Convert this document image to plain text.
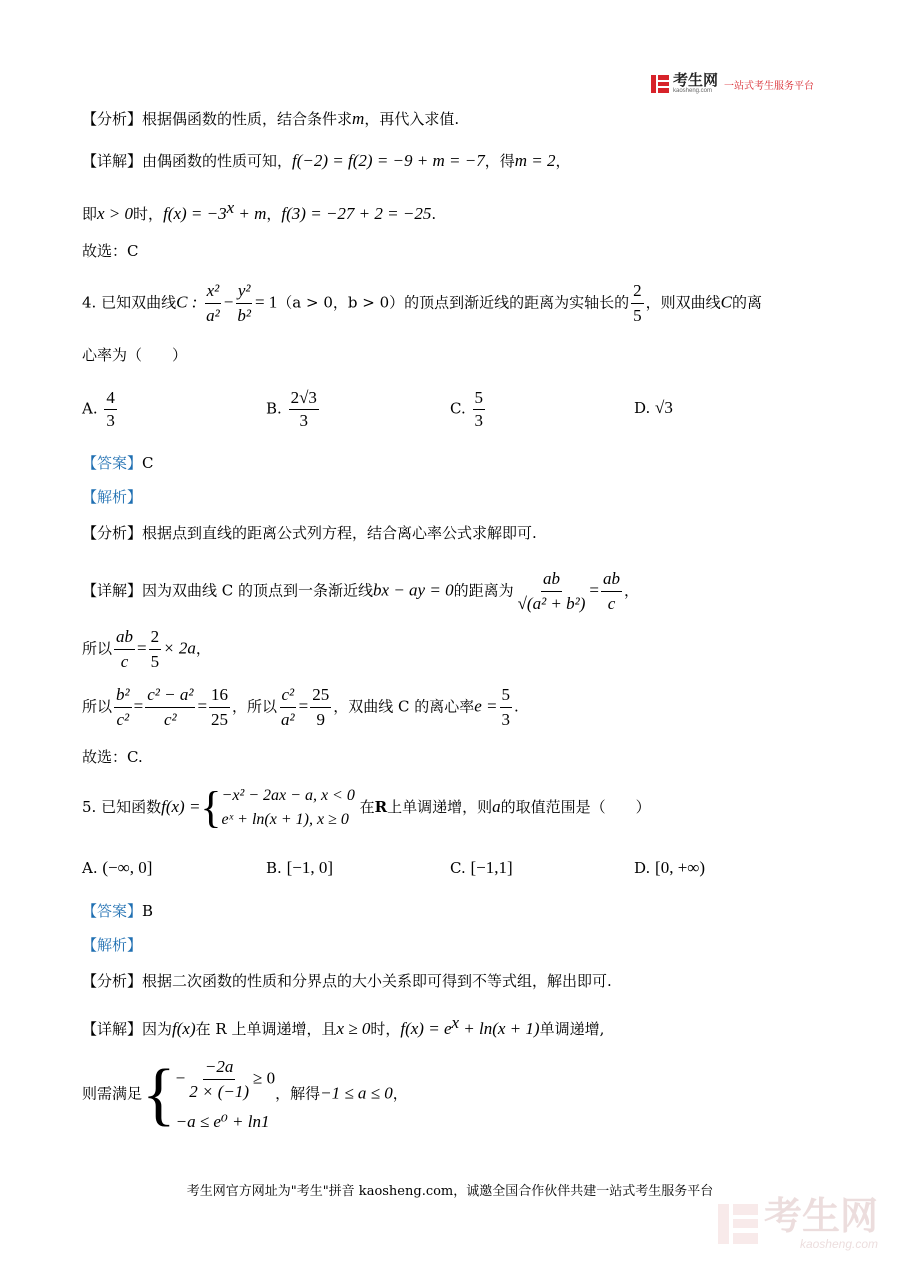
考生网
kaosheng.com	一站式考生服务平台
【分析】根据偶函数的性质，结合条件求m，再代入求值.
【详解】由偶函数的性质可知，f(−2) = f(2) = −9 + m = −7，得m = 2，
即x > 0时，$f(x) = -3^x + m$，f(3) = −27 + 2 = −25.
故选：C
4. 已知双曲线C : $\frac{\text{x²}}{\text{a²}} - \frac{\text{y²}}{\text{b²}} = 1(a > 0$，b > 0）的顶点到渐近线的距离为实轴长的 $\frac{2}{5}$ ，则双曲线C的离
心率为（　　）
A. $\frac{4}{3}$	B. $\frac{2√3}{3}$	C. $\frac{5}{3}$	D. √3
【答案】C
【解析】
【分析】根据点到直线的距离公式列方程，结合离心率公式求解即可.
【详解】因为双曲线 C 的顶点到一条渐近线bx − ay = 0的距离为 $\frac{ab}{\text{√(a² + b²)}} = \frac{ab}{c}$ ，
所以 $\frac{ab}{c} = \frac{2}{5} \times 2a$，
所以 $\frac{\text{b²}}{\text{c²}} = \frac{\text{c² − a²}}{\text{c²}} = \frac{16}{25}$ ，所以 $\frac{\text{c²}}{\text{a²}} = \frac{25}{9}$ ，双曲线 C 的离心率$e = \frac{5}{3}$ .
故选：C.
5. 已知函数f(x) ={ −x² − 2ax − a, x < 0
eˣ + ln(x + 1), x ≥ 0
在R上单调递增，则a的取值范围是（　　）
A. (−∞, 0]	B. [−1, 0]	C. [−1,1]	D. [0, +∞)
【答案】B
【解析】
【分析】根据二次函数的性质和分界点的大小关系即可得到不等式组，解出即可.
【详解】因为f(x)在 R 上单调递增，且x ≥ 0时，$f(x) = e^x + \ln(x + 1)$单调递增,
则需满足{ − $\frac{-2a}{2 \times (-1)} \ge 0$
−a ≤ e⁰ + ln1
，解得−1 ≤ a ≤ 0，
考生网官方网址为"考生"拼音 kaosheng.com，诚邀全国合作伙伴共建一站式考生服务平台
考生网
kaosheng.com
